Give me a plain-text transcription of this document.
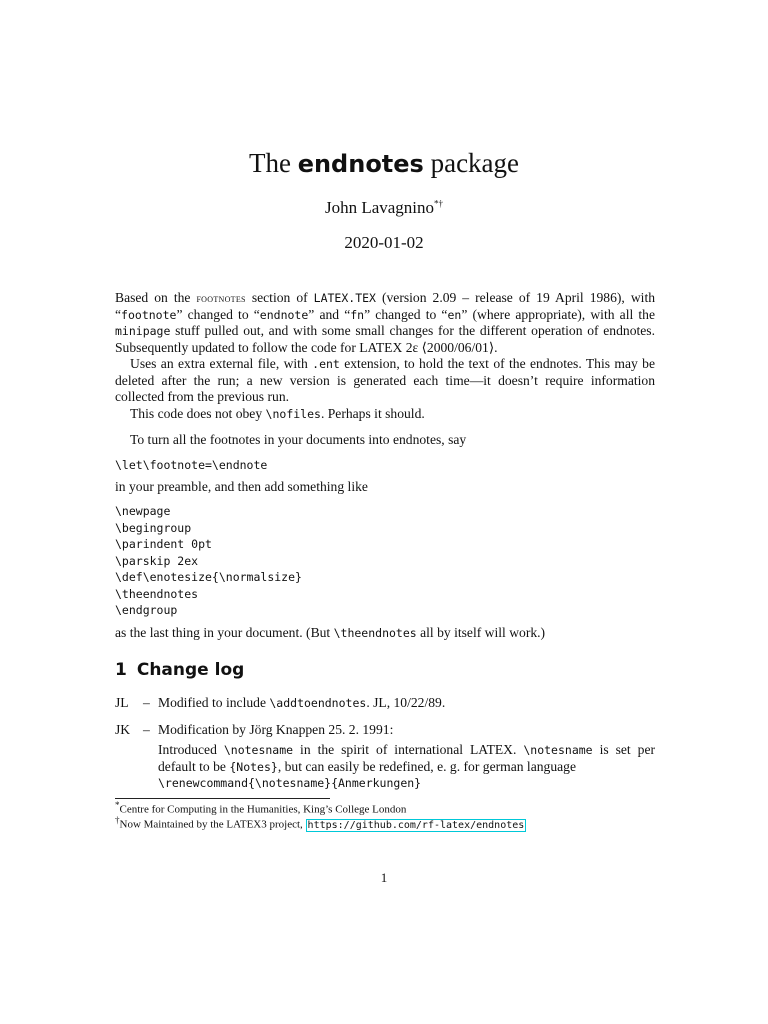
The endnotes package
John Lavagnino*†
2020-01-02
Based on the footnotes section of LATEX.TEX (version 2.09 – release of 19 April 1986), with “footnote” changed to “endnote” and “fn” changed to “en” (where appropriate), with all the minipage stuff pulled out, and with some small changes for the different operation of endnotes. Subsequently updated to follow the code for LATEX 2ε ⟨2000/06/01⟩.
Uses an extra external file, with .ent extension, to hold the text of the endnotes. This may be deleted after the run; a new version is generated each time—it doesn’t require information collected from the previous run.
This code does not obey \nofiles. Perhaps it should.
To turn all the footnotes in your documents into endnotes, say
\let\footnote=\endnote
in your preamble, and then add something like
\newpage
\begingroup
\parindent 0pt
\parskip 2ex
\def\enotesize{\normalsize}
\theendnotes
\endgroup
as the last thing in your document. (But \theendnotes all by itself will work.)
1 Change log
JL – Modified to include \addtoendnotes. JL, 10/22/89.
JK – Modification by Jörg Knappen 25. 2. 1991:
Introduced \notesname in the spirit of international LATEX. \notesname is set per default to be {Notes}, but can easily be redefined, e. g. for german language
\renewcommand{\notesname}{Anmerkungen}
*Centre for Computing in the Humanities, King’s College London
†Now Maintained by the LATEX3 project, https://github.com/rf-latex/endnotes
1
